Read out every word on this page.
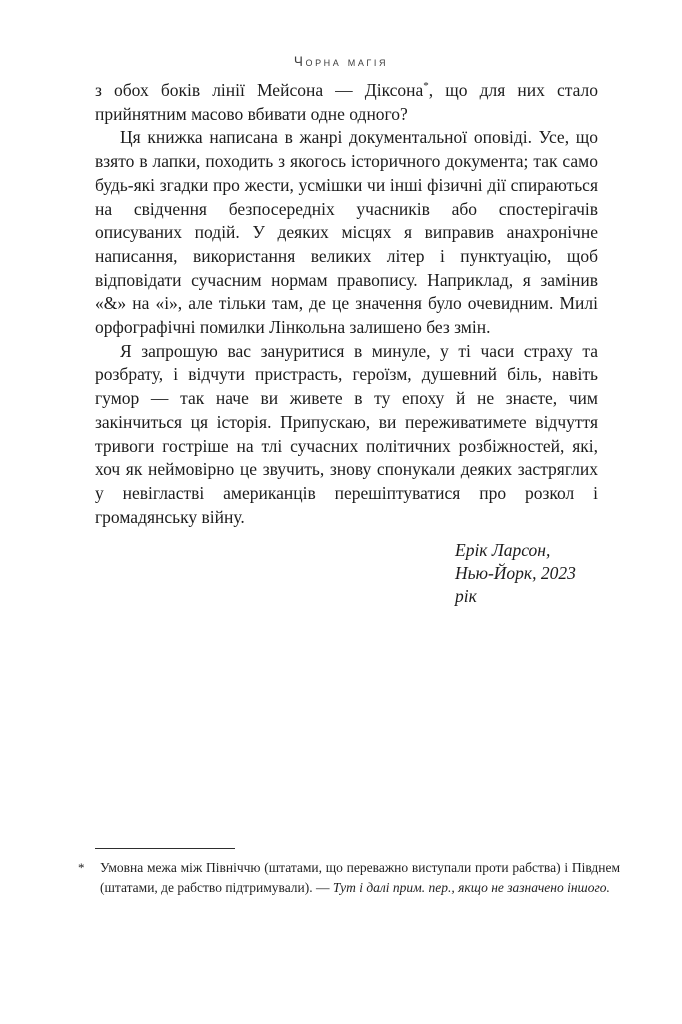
Чорна магія

з обох боків лінії Мейсона — Діксона*, що для них стало прийнятним масово вбивати одне одного?

Ця книжка написана в жанрі документальної оповіді. Усе, що взято в лапки, походить з якогось історичного документа; так само будь-які згадки про жести, усмішки чи інші фізичні дії спираються на свідчення безпосередніх учасників або спостерігачів описуваних подій. У деяких місцях я виправив анахронічне написання, використання великих літер і пунктуацію, щоб відповідати сучасним нормам правопису. Наприклад, я замінив «&» на «і», але тільки там, де це значення було очевидним. Милі орфографічні помилки Лінкольна залишено без змін.

Я запрошую вас зануритися в минуле, у ті часи страху та розбрату, і відчути пристрасть, героїзм, душевний біль, навіть гумор — так наче ви живете в ту епоху й не знаєте, чим закінчиться ця історія. Припускаю, ви переживатимете відчуття тривоги гостріше на тлі сучасних політичних розбіжностей, які, хоч як неймовірно це звучить, знову спонукали деяких застряглих у невігластві американців перешіптуватися про розкол і громадянську війну.

Ерік Ларсон,
Нью-Йорк, 2023 рік
*	Умовна межа між Північчю (штатами, що переважно виступали проти рабства) і Півднем (штатами, де рабство підтримували). — Тут і далі прим. пер., якщо не зазначено іншого.
